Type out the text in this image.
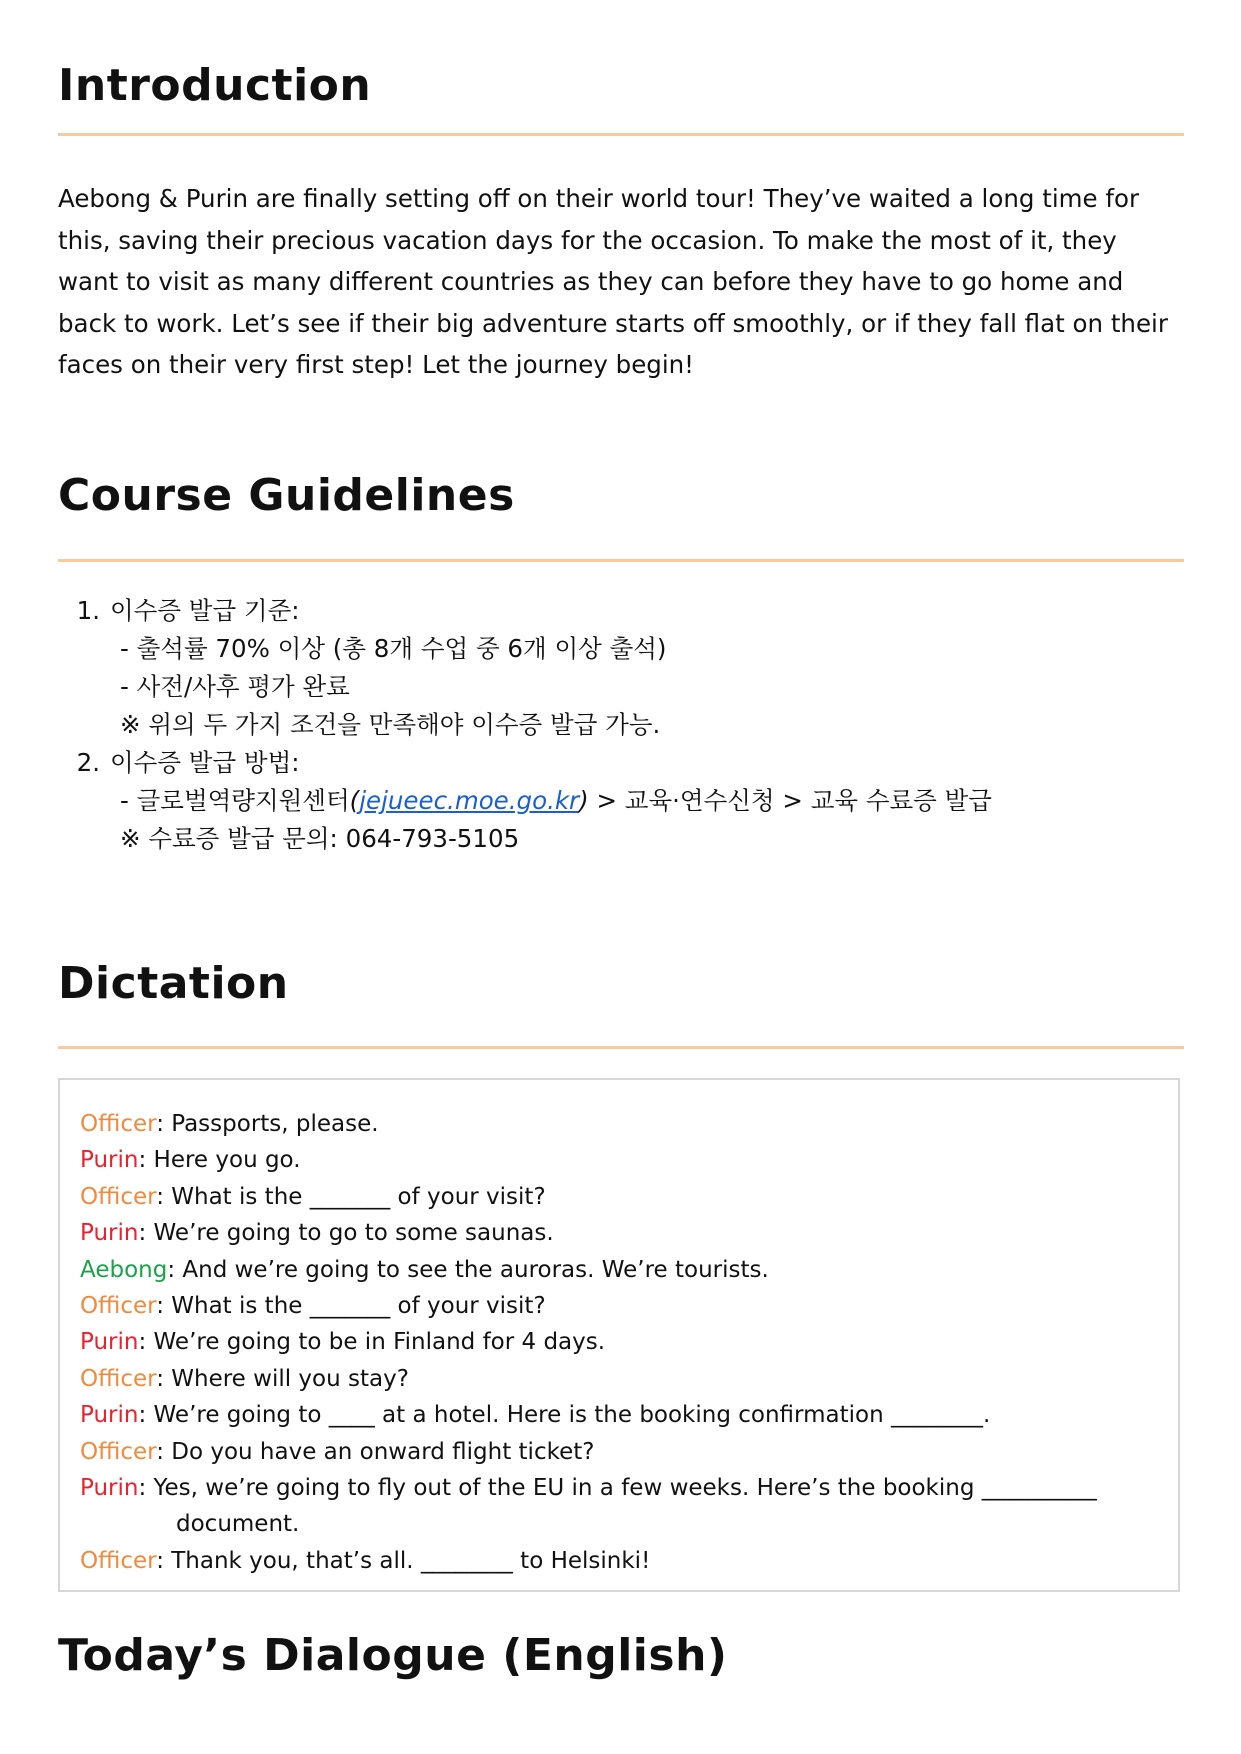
Introduction

Aebong & Purin are finally setting off on their world tour! They’ve waited a long time for this, saving their precious vacation days for the occasion. To make the most of it, they want to visit as many different countries as they can before they have to go home and back to work. Let’s see if their big adventure starts off smoothly, or if they fall flat on their faces on their very first step! Let the journey begin!

Course Guidelines
1. 이수증 발급 기준:
- 출석률 70% 이상 (총 8개 수업 중 6개 이상 출석)
- 사전/사후 평가 완료
※ 위의 두 가지 조건을 만족해야 이수증 발급 가능.
2. 이수증 발급 방법:
- 글로벌역량지원센터(jejueec.moe.go.kr) > 교육·연수신청 > 교육 수료증 발급
※ 수료증 발급 문의: 064-793-5105
Dictation
Officer: Passports, please.
Purin: Here you go.
Officer: What is the _______ of your visit?
Purin: We’re going to go to some saunas.
Aebong: And we’re going to see the auroras. We’re tourists.
Officer: What is the _______ of your visit?
Purin: We’re going to be in Finland for 4 days.
Officer: Where will you stay?
Purin: We’re going to ____ at a hotel. Here is the booking confirmation ________.
Officer: Do you have an onward flight ticket?
Purin: Yes, we’re going to fly out of the EU in a few weeks. Here’s the booking __________
document.
Officer: Thank you, that’s all. ________ to Helsinki!
Today’s Dialogue (English)
